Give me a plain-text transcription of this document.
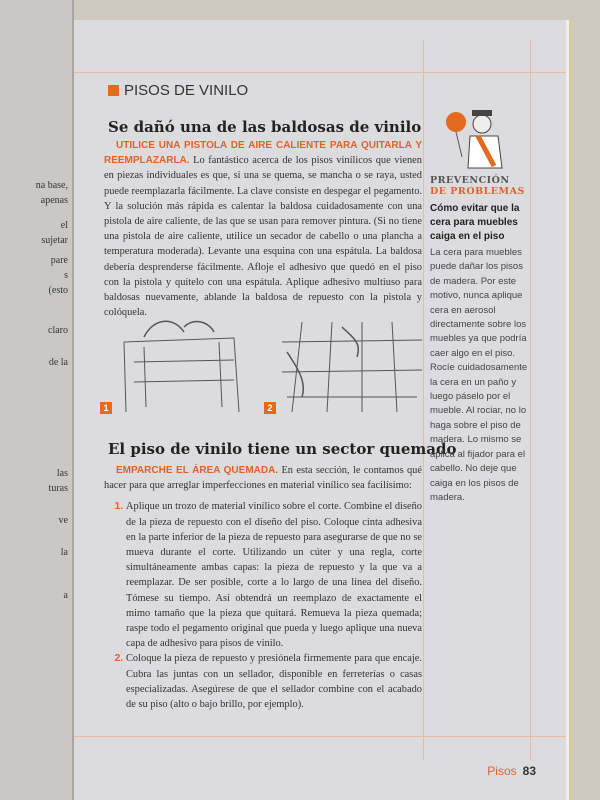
na base,
apenas
el
sujetar
pare
s
(esto
claro
de la
las
turas
ve
la
a
PISOS DE VINILO
Se dañó una de las baldosas de vinilo
UTILICE UNA PISTOLA DE AIRE CALIENTE PARA QUITARLA Y REEMPLAZARLA. Lo fantástico acerca de los pisos vinílicos que vienen en piezas individuales es que, si una se quema, se mancha o se raya, usted puede reemplazarla fácilmente. La clave consiste en despegar el pegamento. Y la solución más rápida es calentar la baldosa cuidadosamente con una pistola de aire caliente, de las que se usan para remover pintura. (Si no tiene una pistola de aire caliente, utilice un secador de cabello o una plancha a temperatura moderada). Levante una esquina con una espátula. La baldosa debería desprenderse fácilmente. Afloje el adhesivo que quedó en el piso con la pistola y quítelo con una espátula. Aplique adhesivo multiuso para baldosas nuevamente, ablande la baldosa de repuesto con la pistola y colóquela.
1	2
El piso de vinilo tiene un sector quemado
EMPARCHE EL ÁREA QUEMADA. En esta sección, le contamos qué hacer para que arreglar imperfecciones en material vinílico sea facilísimo:
1. Aplique un trozo de material vinílico sobre el corte. Combine el diseño de la pieza de repuesto con el diseño del piso. Coloque cinta adhesiva en la parte inferior de la pieza de repuesto para asegurarse de que no se mueva durante el corte. Utilizando un cúter y una regla, corte simultáneamente ambas capas: la pieza de repuesto y la que va a reemplazar. De ser posible, corte a lo largo de una línea del diseño. Tómese su tiempo. Así obtendrá un reemplazo de exactamente el mimo tamaño que la pieza que quitará. Remueva la pieza quemada; raspe todo el pegamento original que pueda y luego aplique una nueva capa de adhesivo para pisos de vinilo.
2. Coloque la pieza de repuesto y presiónela firmemente para que encaje. Cubra las juntas con un sellador, disponible en ferreterías o casas especializadas. Asegúrese de que el sellador combine con el acabado de su piso (alto o bajo brillo, por ejemplo).
PREVENCIÓN
DE PROBLEMAS
Cómo evitar que la cera para muebles caiga en el piso
La cera para muebles puede dañar los pisos de madera. Por este motivo, nunca aplique cera en aerosol directamente sobre los muebles ya que podría caer algo en el piso. Rocíe cuidadosamente la cera en un paño y luego páselo por el mueble. Al rociar, no lo haga sobre el piso de madera. Lo mismo se aplica al fijador para el cabello. No deje que caiga en los pisos de madera.
Pisos 83
